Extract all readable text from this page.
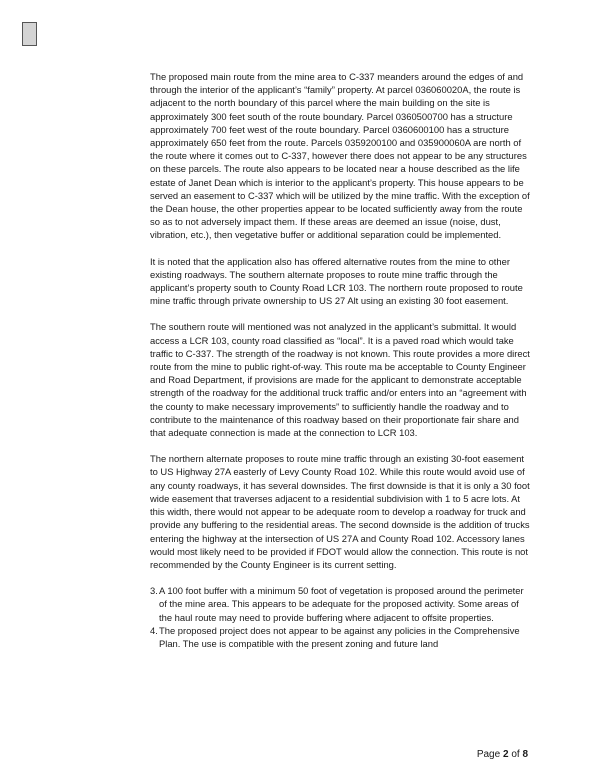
The proposed main route from the mine area to C-337 meanders around the edges of and through the interior of the applicant’s “family” property. At parcel 036060020A, the route is adjacent to the north boundary of this parcel where the main building on the site is approximately 300 feet south of the route boundary. Parcel 0360500700 has a structure approximately 700 feet west of the route boundary. Parcel 0360600100 has a structure approximately 650 feet from the route. Parcels 0359200100 and 035900060A are north of the route where it comes out to C-337, however there does not appear to be any structures on these parcels. The route also appears to be located near a house described as the life estate of Janet Dean which is interior to the applicant’s property. This house appears to be served an easement to C-337 which will be utilized by the mine traffic. With the exception of the Dean house, the other properties appear to be located sufficiently away from the route so as to not adversely impact them. If these areas are deemed an issue (noise, dust, vibration, etc.), then vegetative buffer or additional separation could be implemented.

It is noted that the application also has offered alternative routes from the mine to other existing roadways. The southern alternate proposes to route mine traffic through the applicant’s property south to County Road LCR 103. The northern route proposed to route mine traffic through private ownership to US 27 Alt using an existing 30 foot easement.

The southern route will mentioned was not analyzed in the applicant’s submittal. It would access a LCR 103, county road classified as “local”. It is a paved road which would take traffic to C-337. The strength of the roadway is not known. This route provides a more direct route from the mine to public right-of-way. This route ma be acceptable to County Engineer and Road Department, if provisions are made for the applicant to demonstrate acceptable strength of the roadway for the additional truck traffic and/or enters into an “agreement with the county to make necessary improvements” to sufficiently handle the roadway and to contribute to the maintenance of this roadway based on their proportionate fair share and that adequate connection is made at the connection to LCR 103.

The northern alternate proposes to route mine traffic through an existing 30-foot easement to US Highway 27A easterly of Levy County Road 102. While this route would avoid use of any county roadways, it has several downsides. The first downside is that it is only a 30 foot wide easement that traverses adjacent to a residential subdivision with 1 to 5 acre lots. At this width, there would not appear to be adequate room to develop a roadway for truck and provide any buffering to the residential areas. The second downside is the addition of trucks entering the highway at the intersection of US 27A and County Road 102. Accessory lanes would most likely need to be provided if FDOT would allow the connection. This route is not recommended by the County Engineer is its current setting.

3. A 100 foot buffer with a minimum 50 foot of vegetation is proposed around the perimeter of the mine area. This appears to be adequate for the proposed activity. Some areas of the haul route may need to provide buffering where adjacent to offsite properties.
4. The proposed project does not appear to be against any policies in the Comprehensive Plan. The use is compatible with the present zoning and future land
Page 2 of 8
